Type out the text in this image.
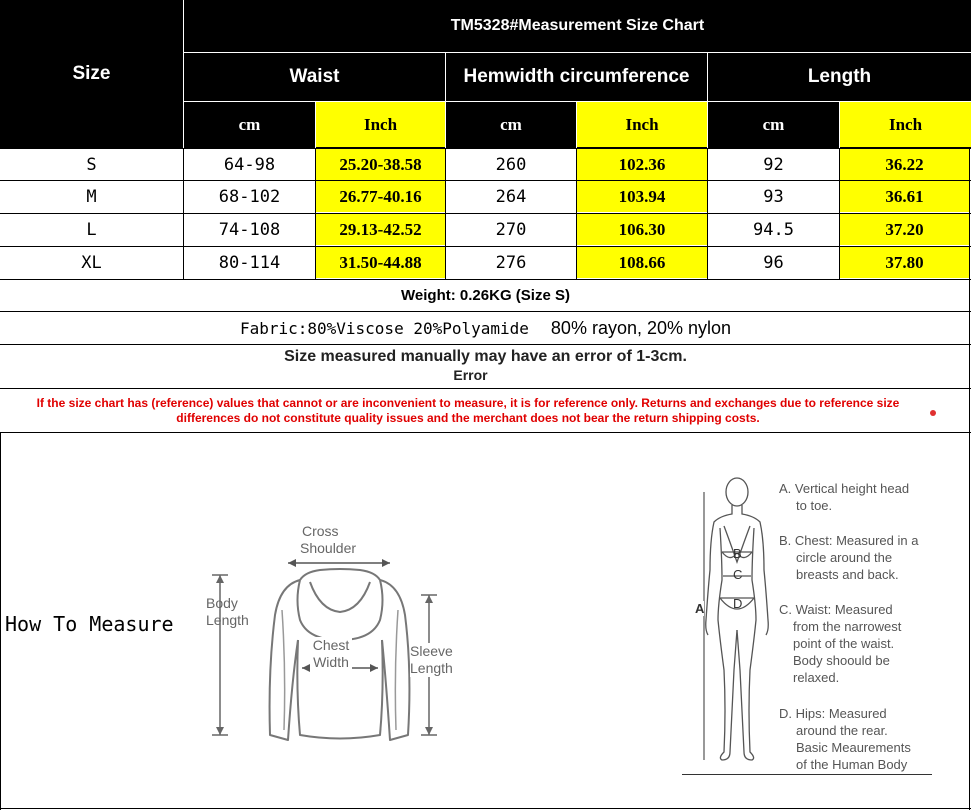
Size
TM5328#Measurement Size Chart
Waist	Hemwidth circumference	Length
cm	Inch	cm	Inch	cm	Inch
S	64-98	25.20-38.58	260	102.36	92	36.22
M	68-102	26.77-40.16	264	103.94	93	36.61
L	74-108	29.13-42.52	270	106.30	94.5	37.20
XL	80-114	31.50-44.88	276	108.66	96	37.80
Weight: 0.26KG (Size S)
Fabric:80%Viscose 20%Polyamide 80% rayon, 20% nylon
Size measured manually may have an error of 1-3cm.
Error
If the size chart has (reference) values that cannot or are inconvenient to measure, it is for reference only. Returns and exchanges due to reference size
differences do not constitute quality issues and the merchant does not bear the return shipping costs.
How To Measure
Cross
Shoulder
Body
Length
Chest
Width
Sleeve
Length
A
B
C
D
A. Vertical height head
to toe.
B. Chest: Measured in a
circle around the
breasts and back.
C. Waist: Measured
from the narrowest
point of the waist.
Body shoould be
relaxed.
D. Hips: Measured
around the rear.
Basic Meaurements
of the Human Body
